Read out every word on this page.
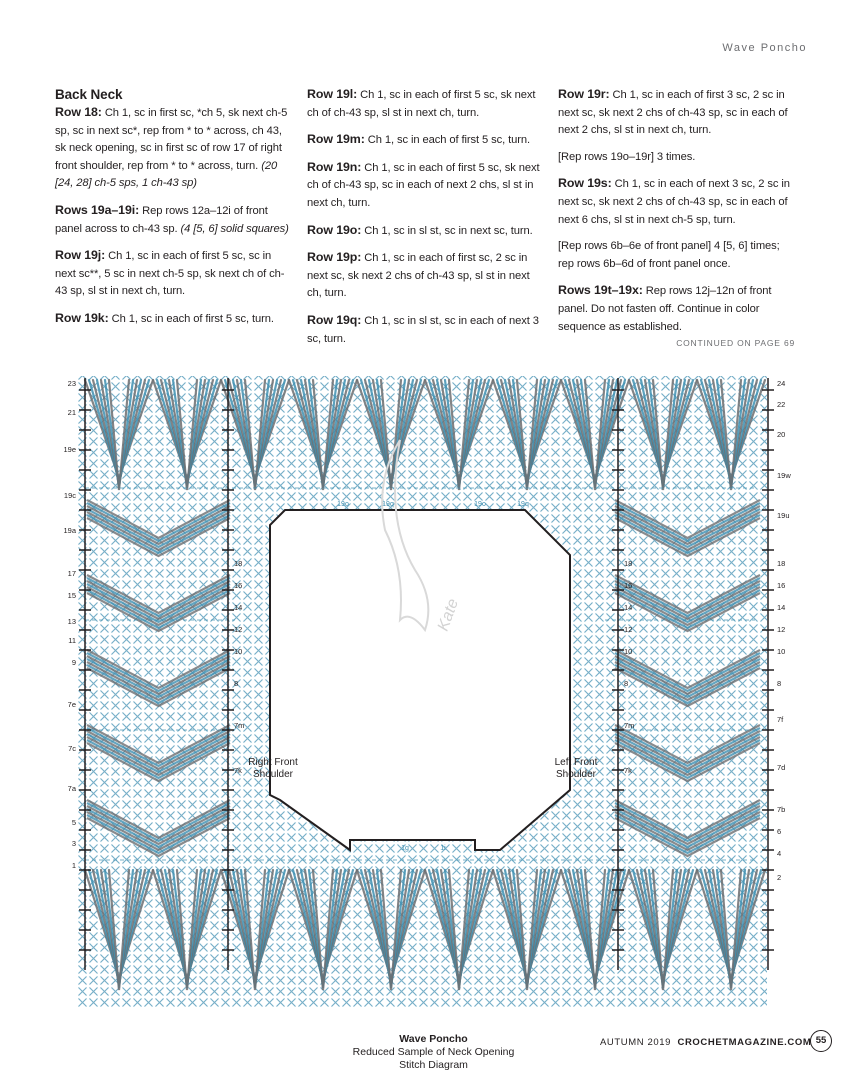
Wave Poncho
Back Neck

Row 18: Ch 1, sc in first sc, *ch 5, sk next ch-5 sp, sc in next sc*, rep from * to * across, ch 43, sk neck opening, sc in first sc of row 17 of right front shoulder, rep from * to * across, turn. (20 [24, 28] ch-5 sps, 1 ch-43 sp)

Rows 19a–19i: Rep rows 12a–12i of front panel across to ch-43 sp. (4 [5, 6] solid squares)

Row 19j: Ch 1, sc in each of first 5 sc, sc in next sc**, 5 sc in next ch-5 sp, sk next ch of ch-43 sp, sl st in next ch, turn.

Row 19k: Ch 1, sc in each of first 5 sc, turn.

Row 19l: Ch 1, sc in each of first 5 sc, sk next ch of ch-43 sp, sl st in next ch, turn.

Row 19m: Ch 1, sc in each of first 5 sc, turn.

Row 19n: Ch 1, sc in each of first 5 sc, sk next ch of ch-43 sp, sc in each of next 2 chs, sl st in next ch, turn.

Row 19o: Ch 1, sc in sl st, sc in next sc, turn.

Row 19p: Ch 1, sc in each of first sc, 2 sc in next sc, sk next 2 chs of ch-43 sp, sl st in next ch, turn.

Row 19q: Ch 1, sc in sl st, sc in each of next 3 sc, turn.

Row 19r: Ch 1, sc in each of first 3 sc, 2 sc in next sc, sk next 2 chs of ch-43 sp, sc in each of next 2 chs, sl st in next ch, turn.

[Rep rows 19o–19r] 3 times.

Row 19s: Ch 1, sc in each of next 3 sc, 2 sc in next sc, sk next 2 chs of ch-43 sp, sc in each of next 6 chs, sl st in next ch-5 sp, turn.

[Rep rows 6b–6e of front panel] 4 [5, 6] times; rep rows 6b–6d of front panel once.

Rows 19t–19x: Rep rows 12j–12n of front panel. Do not fasten off. Continue in color sequence as established.

CONTINUED ON PAGE 69
Kate
23
21
19e
19c
19a
17
15
13
11
9
7e
7c
7a
5
3
1
24
22
20
19w
19u
18
16
14
12
10
8
7f
7d
7b
6
4
2
18
16
14
12
10
8
7m
7k
18
16
14
12
10
8
7m
7k
19o	19q	19o	19q
1g	1i
Right Front
Shoulder
Left Front
Shoulder
Wave Poncho
Reduced Sample of Neck Opening
Stitch Diagram
AUTUMN 2019 CROCHETMAGAZINE.COM 55
